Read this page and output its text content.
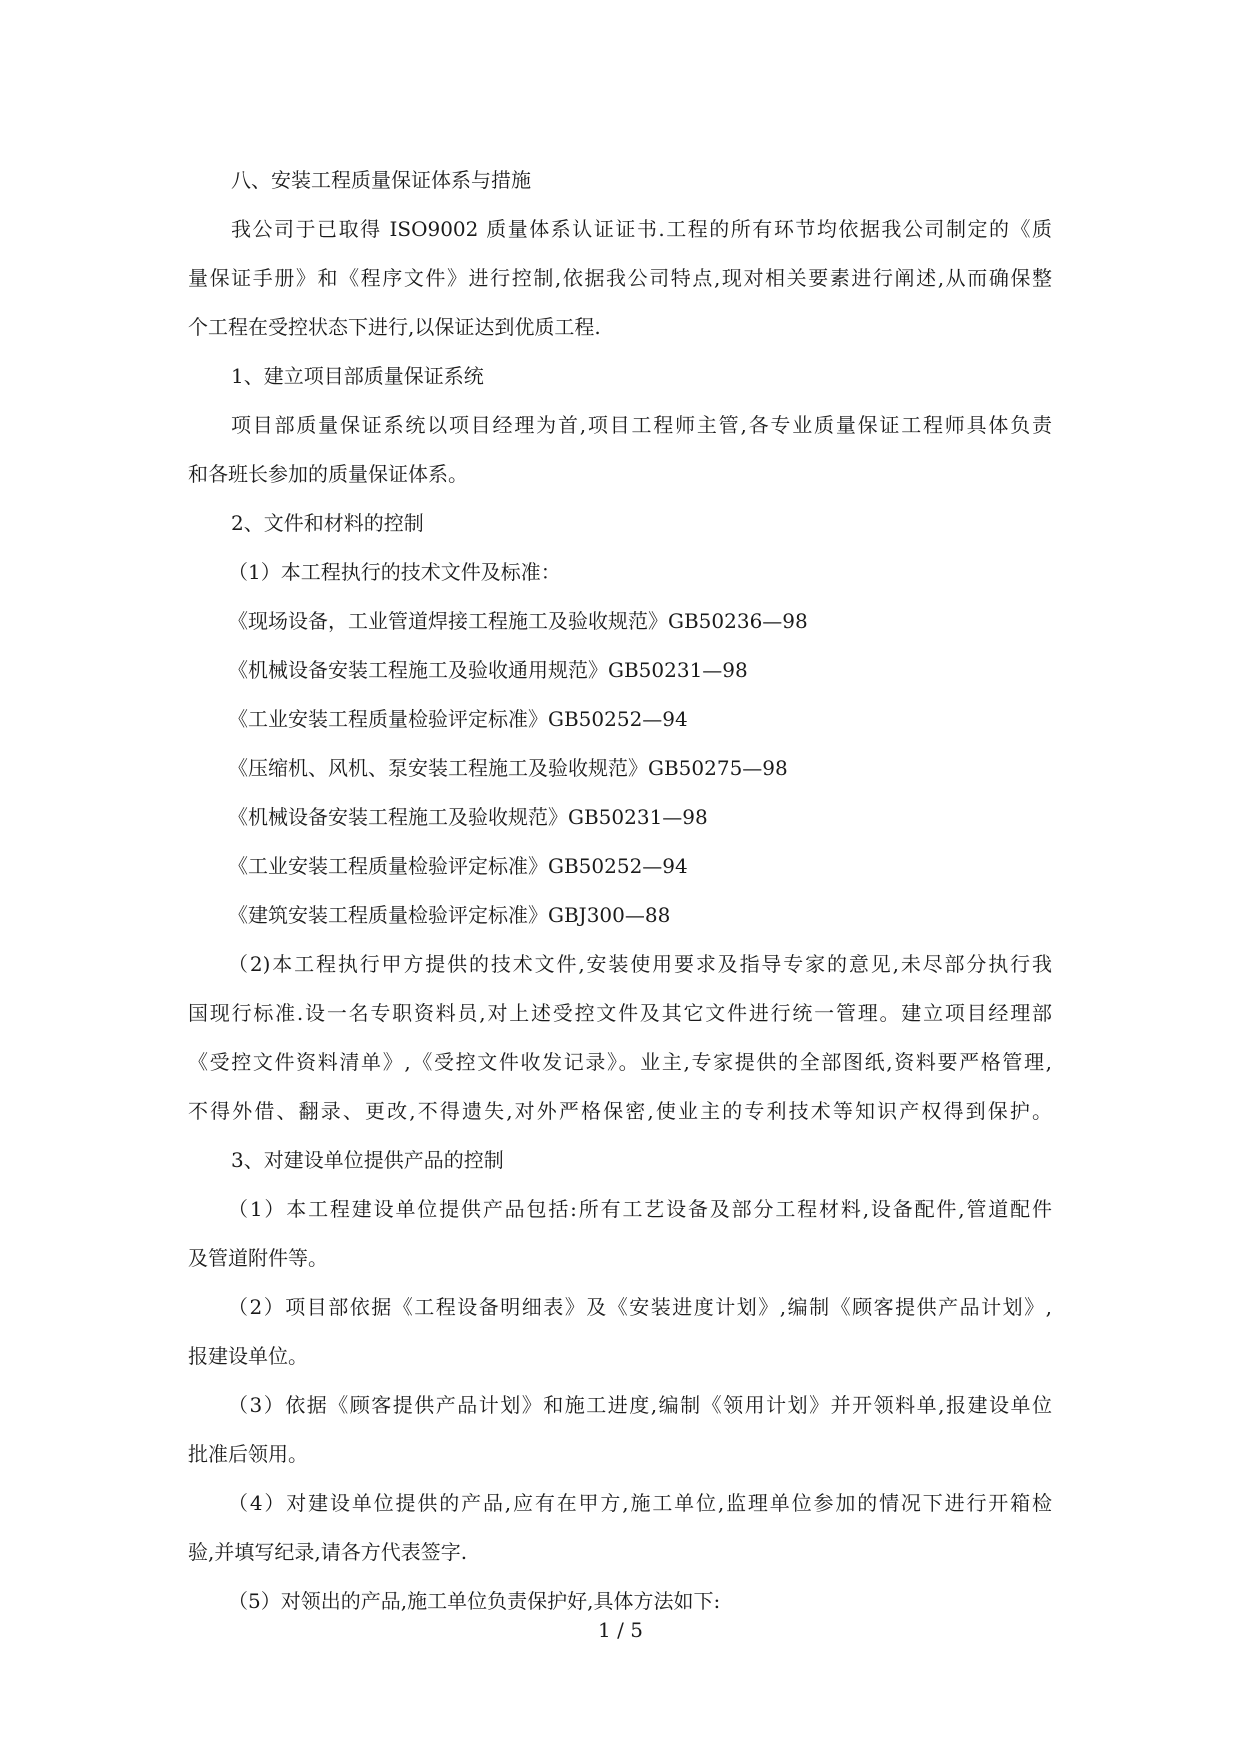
八、安装工程质量保证体系与措施
我公司于已取得 ISO9002 质量体系认证证书.工程的所有环节均依据我公司制定的《质
量保证手册》和《程序文件》进行控制,依据我公司特点,现对相关要素进行阐述,从而确保整
个工程在受控状态下进行,以保证达到优质工程.
1、建立项目部质量保证系统
项目部质量保证系统以项目经理为首,项目工程师主管,各专业质量保证工程师具体负责
和各班长参加的质量保证体系。
2、文件和材料的控制
（1）本工程执行的技术文件及标准：
《现场设备，工业管道焊接工程施工及验收规范》GB50236—98
《机械设备安装工程施工及验收通用规范》GB50231—98
《工业安装工程质量检验评定标准》GB50252—94
《压缩机、风机、泵安装工程施工及验收规范》GB50275—98
《机械设备安装工程施工及验收规范》GB50231—98
《工业安装工程质量检验评定标准》GB50252—94
《建筑安装工程质量检验评定标准》GBJ300—88
（2)本工程执行甲方提供的技术文件,安装使用要求及指导专家的意见,未尽部分执行我
国现行标准.设一名专职资料员,对上述受控文件及其它文件进行统一管理。建立项目经理部
《受控文件资料清单》,《受控文件收发记录》。业主,专家提供的全部图纸,资料要严格管理,
不得外借、翻录、更改,不得遗失,对外严格保密,使业主的专利技术等知识产权得到保护。
3、对建设单位提供产品的控制
（1）本工程建设单位提供产品包括:所有工艺设备及部分工程材料,设备配件,管道配件
及管道附件等。
（2）项目部依据《工程设备明细表》及《安装进度计划》,编制《顾客提供产品计划》,
报建设单位。
（3）依据《顾客提供产品计划》和施工进度,编制《领用计划》并开领料单,报建设单位
批准后领用。
（4）对建设单位提供的产品,应有在甲方,施工单位,监理单位参加的情况下进行开箱检
验,并填写纪录,请各方代表签字.
（5）对领出的产品,施工单位负责保护好,具体方法如下:
1 / 5
